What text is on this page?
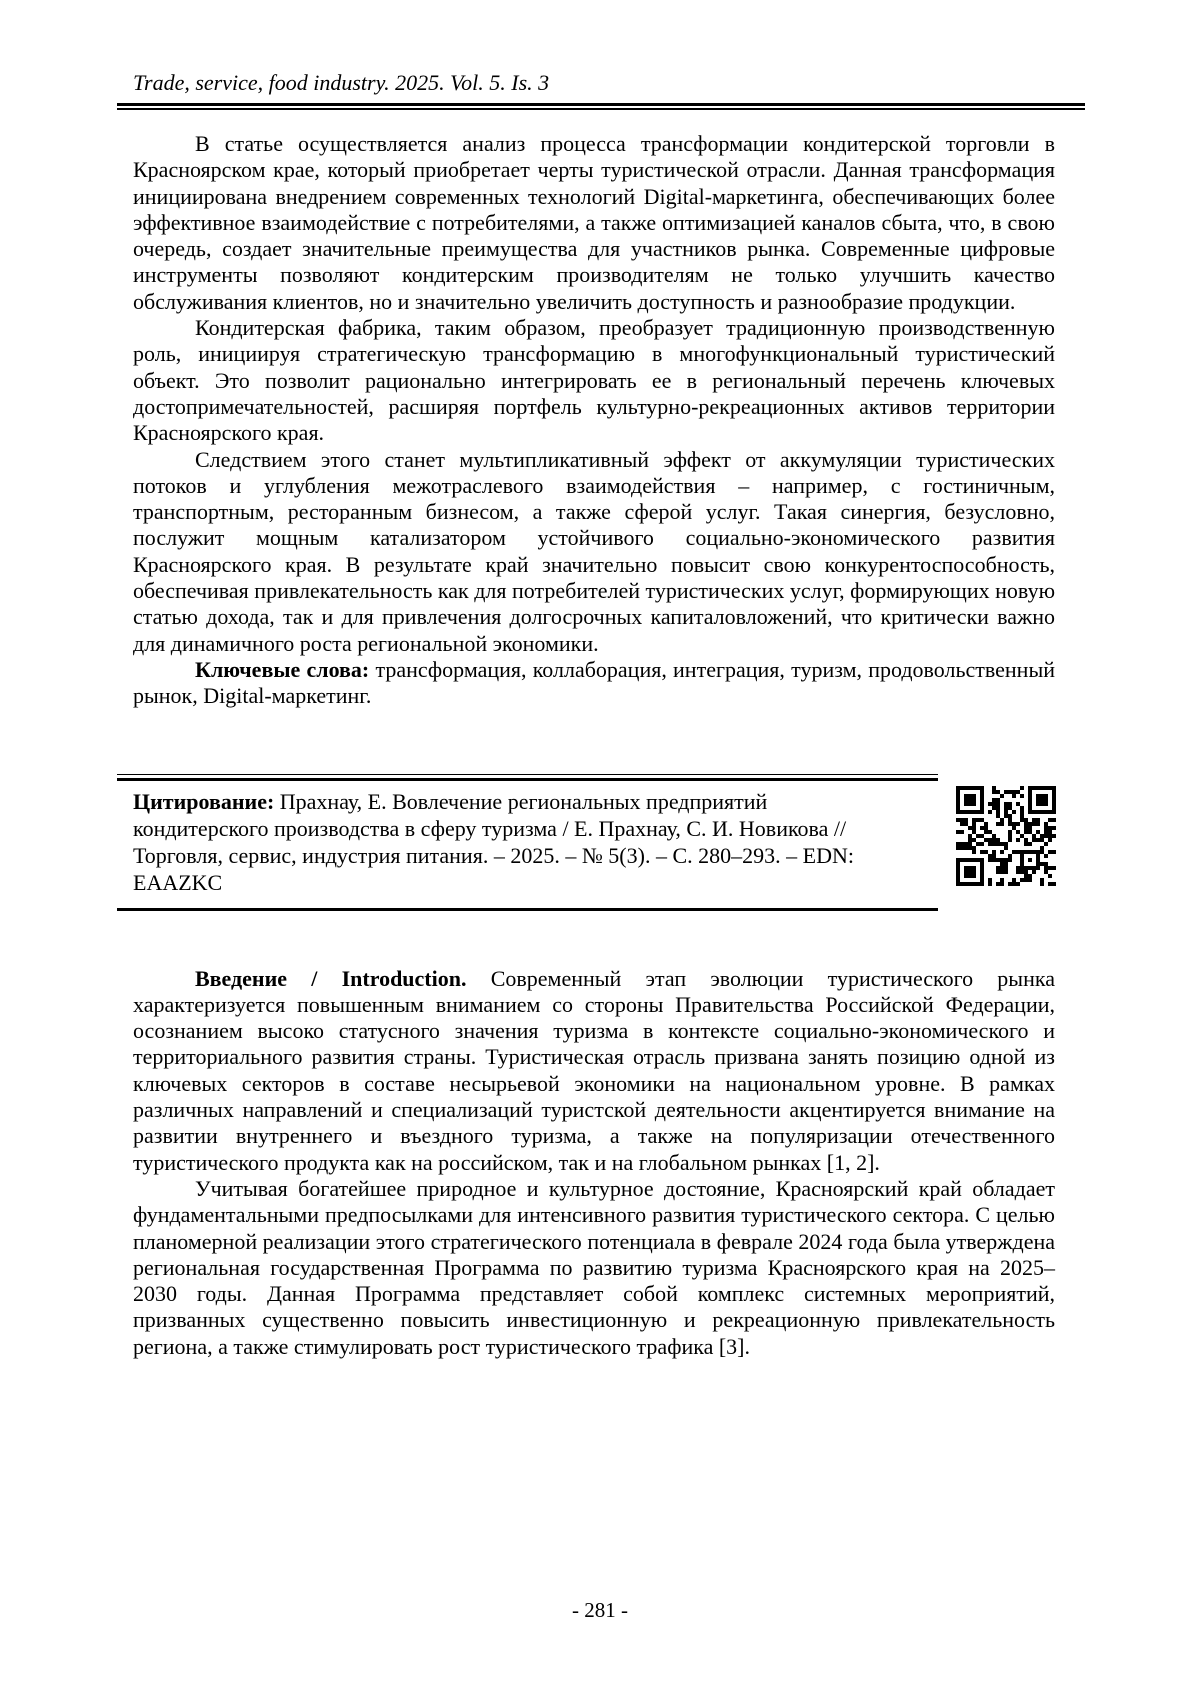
Trade, service, food industry. 2025. Vol. 5. Is. 3

В статье осуществляется анализ процесса трансформации кондитерской торговли в Красноярском крае, который приобретает черты туристической отрасли. Данная трансформация инициирована внедрением современных технологий Digital-маркетинга, обеспечивающих более эффективное взаимодействие с потребителями, а также оптимизацией каналов сбыта, что, в свою очередь, создает значительные преимущества для участников рынка. Современные цифровые инструменты позволяют кондитерским производителям не только улучшить качество обслуживания клиентов, но и значительно увеличить доступность и разнообразие продукции.

Кондитерская фабрика, таким образом, преобразует традиционную производственную роль, инициируя стратегическую трансформацию в многофункциональный туристический объект. Это позволит рационально интегрировать ее в региональный перечень ключевых достопримечательностей, расширяя портфель культурно-рекреационных активов территории Красноярского края.

Следствием этого станет мультипликативный эффект от аккумуляции туристических потоков и углубления межотраслевого взаимодействия – например, с гостиничным, транспортным, ресторанным бизнесом, а также сферой услуг. Такая синергия, безусловно, послужит мощным катализатором устойчивого социально-экономического развития Красноярского края. В результате край значительно повысит свою конкурентоспособность, обеспечивая привлекательность как для потребителей туристических услуг, формирующих новую статью дохода, так и для привлечения долгосрочных капиталовложений, что критически важно для динамичного роста региональной экономики.

Ключевые слова: трансформация, коллаборация, интеграция, туризм, продовольственный рынок, Digital-маркетинг.

Цитирование: Прахнау, Е. Вовлечение региональных предприятий кондитерского производства в сферу туризма / Е. Прахнау, С. И. Новикова // Торговля, сервис, индустрия питания. – 2025. – № 5(3). – С. 280–293. – EDN: EAAZKC

Введение / Introduction. Современный этап эволюции туристического рынка характеризуется повышенным вниманием со стороны Правительства Российской Федерации, осознанием высоко статусного значения туризма в контексте социально-экономического и территориального развития страны. Туристическая отрасль призвана занять позицию одной из ключевых секторов в составе несырьевой экономики на национальном уровне. В рамках различных направлений и специализаций туристской деятельности акцентируется внимание на развитии внутреннего и въездного туризма, а также на популяризации отечественного туристического продукта как на российском, так и на глобальном рынках [1, 2].

Учитывая богатейшее природное и культурное достояние, Красноярский край обладает фундаментальными предпосылками для интенсивного развития туристического сектора. С целью планомерной реализации этого стратегического потенциала в феврале 2024 года была утверждена региональная государственная Программа по развитию туризма Красноярского края на 2025–2030 годы. Данная Программа представляет собой комплекс системных мероприятий, призванных существенно повысить инвестиционную и рекреационную привлекательность региона, а также стимулировать рост туристического трафика [3].

- 281 -
